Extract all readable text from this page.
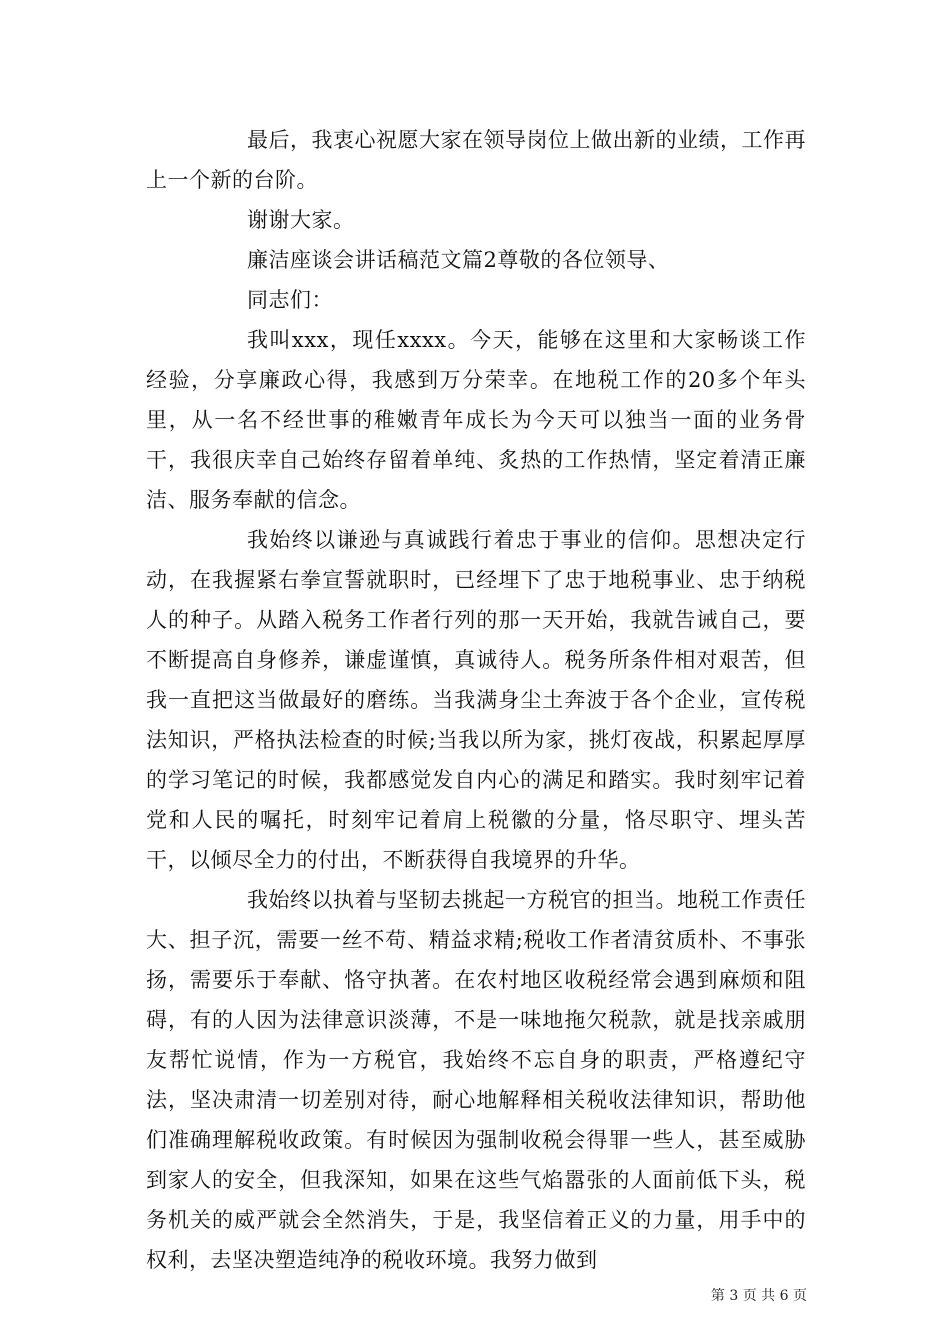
最后，我衷心祝愿大家在领导岗位上做出新的业绩，工作再上一个新的台阶。

谢谢大家。

廉洁座谈会讲话稿范文篇2尊敬的各位领导、

同志们：

我叫xxx，现任xxxx。今天，能够在这里和大家畅谈工作经验，分享廉政心得，我感到万分荣幸。在地税工作的20多个年头里，从一名不经世事的稚嫩青年成长为今天可以独当一面的业务骨干，我很庆幸自己始终存留着单纯、炙热的工作热情，坚定着清正廉洁、服务奉献的信念。

我始终以谦逊与真诚践行着忠于事业的信仰。思想决定行动，在我握紧右拳宣誓就职时，已经埋下了忠于地税事业、忠于纳税人的种子。从踏入税务工作者行列的那一天开始，我就告诫自己，要不断提高自身修养，谦虚谨慎，真诚待人。税务所条件相对艰苦，但我一直把这当做最好的磨练。当我满身尘土奔波于各个企业，宣传税法知识，严格执法检查的时候;当我以所为家，挑灯夜战，积累起厚厚的学习笔记的时候，我都感觉发自内心的满足和踏实。我时刻牢记着党和人民的嘱托，时刻牢记着肩上税徽的分量，恪尽职守、埋头苦干，以倾尽全力的付出，不断获得自我境界的升华。

我始终以执着与坚韧去挑起一方税官的担当。地税工作责任大、担子沉，需要一丝不苟、精益求精;税收工作者清贫质朴、不事张扬，需要乐于奉献、恪守执著。在农村地区收税经常会遇到麻烦和阻碍，有的人因为法律意识淡薄，不是一味地拖欠税款，就是找亲戚朋友帮忙说情，作为一方税官，我始终不忘自身的职责，严格遵纪守法，坚决肃清一切差别对待，耐心地解释相关税收法律知识，帮助他们准确理解税收政策。有时候因为强制收税会得罪一些人，甚至威胁到家人的安全，但我深知，如果在这些气焰嚣张的人面前低下头，税务机关的威严就会全然消失，于是，我坚信着正义的力量，用手中的权利，去坚决塑造纯净的税收环境。我努力做到

第 3 页 共 6 页
